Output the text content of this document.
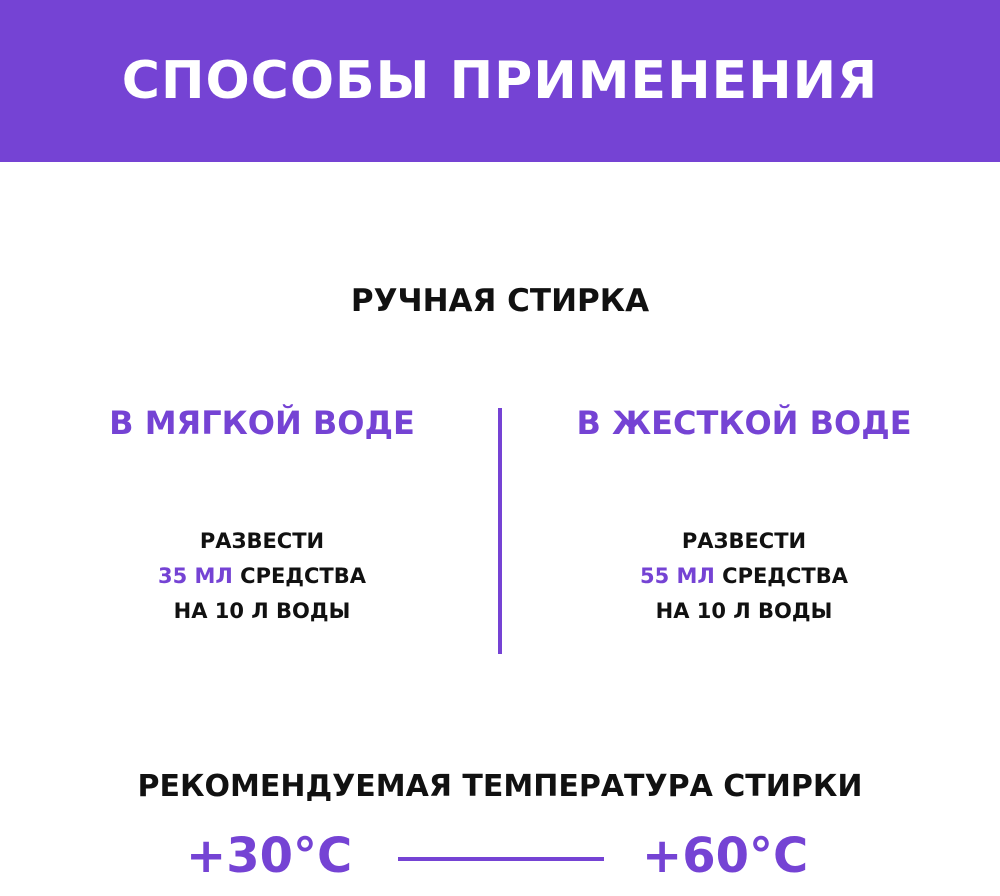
СПОСОБЫ ПРИМЕНЕНИЯ
РУЧНАЯ СТИРКА
В МЯГКОЙ ВОДЕ
РАЗВЕСТИ
35 МЛ СРЕДСТВА
НА 10 Л ВОДЫ
В ЖЕСТКОЙ ВОДЕ
РАЗВЕСТИ
55 МЛ СРЕДСТВА
НА 10 Л ВОДЫ
РЕКОМЕНДУЕМАЯ ТЕМПЕРАТУРА СТИРКИ
+30°C	+60°C
